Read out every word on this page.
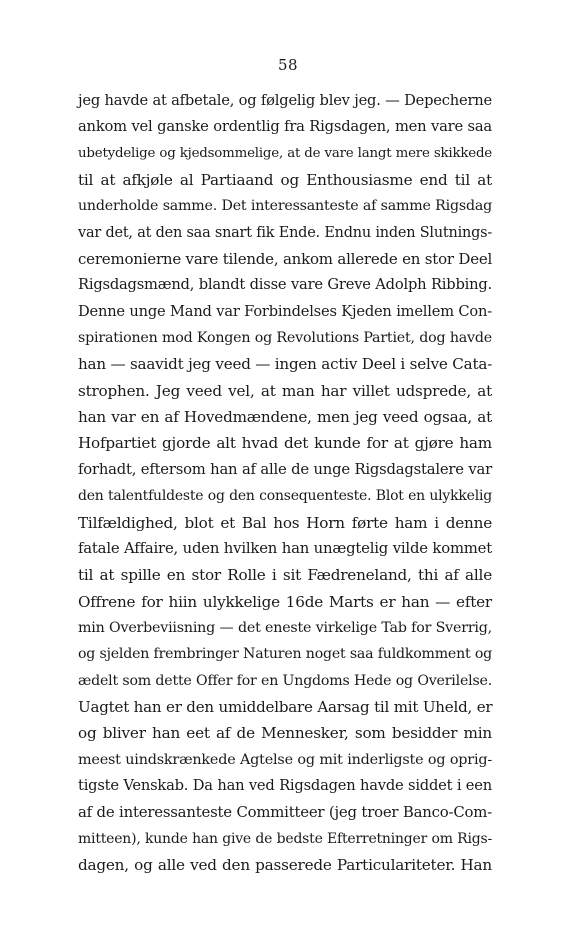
58
jeg havde at afbetale, og følgelig blev jeg. — Depecherne
ankom vel ganske ordentlig fra Rigsdagen, men vare saa
ubetydelige og kjedsommelige, at de vare langt mere skikkede
til at afkjøle al Partiaand og Enthousiasme end til at
underholde samme. Det interessanteste af samme Rigsdag
var det, at den saa snart fik Ende. Endnu inden Slutnings-
ceremonierne vare tilende, ankom allerede en stor Deel
Rigsdagsmænd, blandt disse vare Greve Adolph Ribbing.
Denne unge Mand var Forbindelses Kjeden imellem Con-
spirationen mod Kongen og Revolutions Partiet, dog havde
han — saavidt jeg veed — ingen activ Deel i selve Cata-
strophen. Jeg veed vel, at man har villet udsprede, at
han var en af Hovedmændene, men jeg veed ogsaa, at
Hofpartiet gjorde alt hvad det kunde for at gjøre ham
forhadt, eftersom han af alle de unge Rigsdagstalere var
den talentfuldeste og den consequenteste. Blot en ulykkelig
Tilfældighed, blot et Bal hos Horn førte ham i denne
fatale Affaire, uden hvilken han unægtelig vilde kommet
til at spille en stor Rolle i sit Fædreneland, thi af alle
Offrene for hiin ulykkelige 16de Marts er han — efter
min Overbeviisning — det eneste virkelige Tab for Sverrig,
og sjelden frembringer Naturen noget saa fuldkomment og
ædelt som dette Offer for en Ungdoms Hede og Overilelse.
Uagtet han er den umiddelbare Aarsag til mit Uheld, er
og bliver han eet af de Mennesker, som besidder min
meest uindskrænkede Agtelse og mit inderligste og oprig-
tigste Venskab. Da han ved Rigsdagen havde siddet i een
af de interessanteste Committeer (jeg troer Banco-Com-
mitteen), kunde han give de bedste Efterretninger om Rigs-
dagen, og alle ved den passerede Particulariteter. Han
